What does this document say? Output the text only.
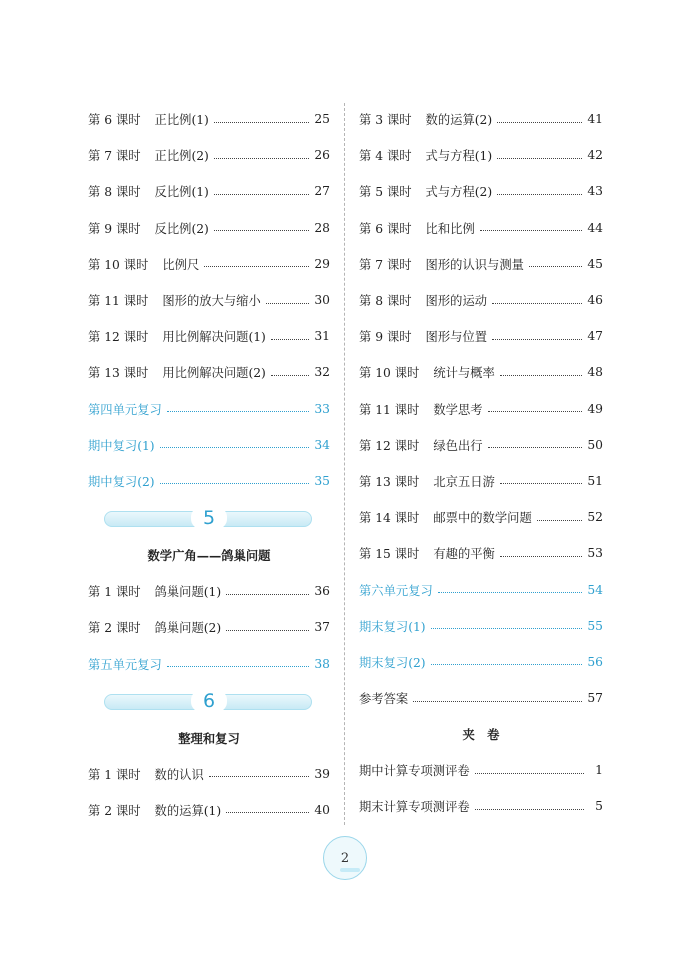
第 6 课时 正比例(1)	25
第 7 课时 正比例(2)	26
第 8 课时 反比例(1)	27
第 9 课时 反比例(2)	28
第 10 课时 比例尺	29
第 11 课时 图形的放大与缩小	30
第 12 课时 用比例解决问题(1)	31
第 13 课时 用比例解决问题(2)	32
第四单元复习	33
期中复习(1)	34
期中复习(2)	35
5
数学广角——鸽巢问题
第 1 课时 鸽巢问题(1)	36
第 2 课时 鸽巢问题(2)	37
第五单元复习	38
6
整理和复习
第 1 课时 数的认识	39
第 2 课时 数的运算(1)	40
第 3 课时 数的运算(2)	41
第 4 课时 式与方程(1)	42
第 5 课时 式与方程(2)	43
第 6 课时 比和比例	44
第 7 课时 图形的认识与测量	45
第 8 课时 图形的运动	46
第 9 课时 图形与位置	47
第 10 课时 统计与概率	48
第 11 课时 数学思考	49
第 12 课时 绿色出行	50
第 13 课时 北京五日游	51
第 14 课时 邮票中的数学问题	52
第 15 课时 有趣的平衡	53
第六单元复习	54
期末复习(1)	55
期末复习(2)	56
参考答案	57
夹　卷
期中计算专项测评卷	1
期末计算专项测评卷	5
2
